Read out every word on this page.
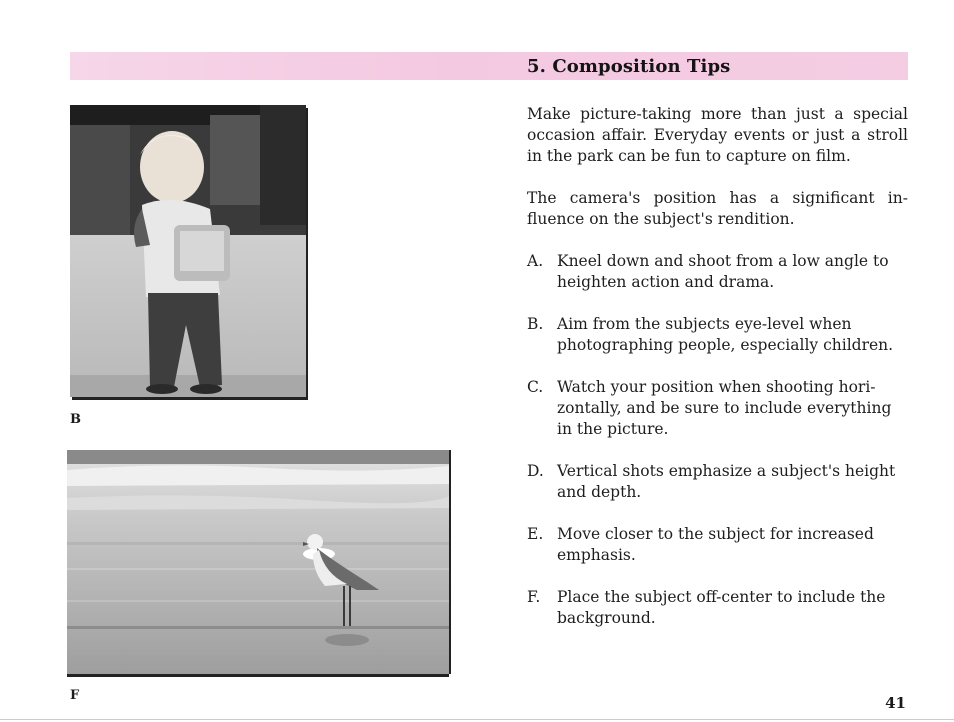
5. Composition Tips
B
F

Make picture-taking more than just a special occasion affair. Everyday events or just a stroll in the park can be fun to capture on film.

The camera's position has a significant influence on the subject's rendition.

A. Kneel down and shoot from a low angle to heighten action and drama.
B. Aim from the subjects eye-level when photographing people, especially children.
C. Watch your position when shooting horizontally, and be sure to include everything in the picture.
D. Vertical shots emphasize a subject's height and depth.
E. Move closer to the subject for increased emphasis.
F.	Place the subject off-center to include the background.
41
